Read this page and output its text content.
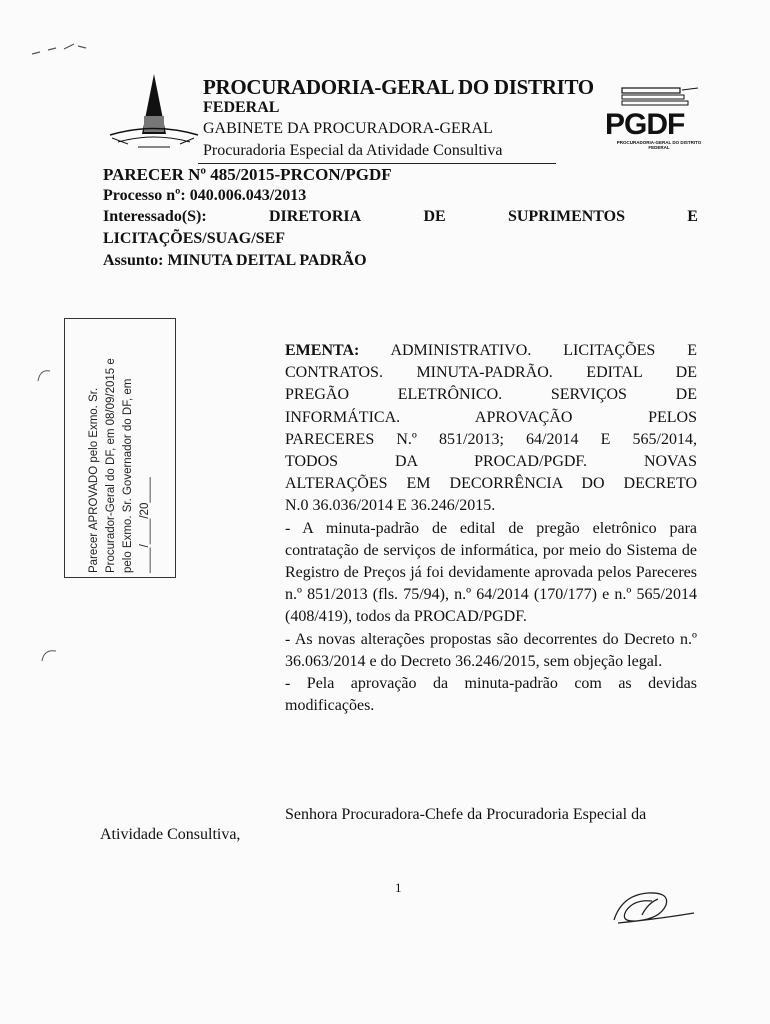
PROCURADORIA-GERAL DO DISTRITO
FEDERAL
GABINETE DA PROCURADORA-GERAL
Procuradoria Especial da Atividade Consultiva
PGDF
PROCURADORIA-GERAL DO DISTRITO FEDERAL
PARECER Nº 485/2015-PRCON/PGDF
Processo nº: 040.006.043/2013
Interessado(S):	DIRETORIA	DE	SUPRIMENTOS	E
LICITAÇÕES/SUAG/SEF
Assunto: MINUTA DEITAL PADRÃO
Parecer APROVADO pelo Exmo. Sr. Procurador-Geral do DF, em 08/09/2015 e pelo Exmo. Sr. Governador do DF, em ____/____/20____

EMENTA: ADMINISTRATIVO. LICITAÇÕES E

CONTRATOS. MINUTA-PADRÃO. EDITAL DE

PREGÃO ELETRÔNICO. SERVIÇOS DE

INFORMÁTICA. APROVAÇÃO PELOS

PARECERES N.º 851/2013; 64/2014 E 565/2014,

TODOS DA PROCAD/PGDF. NOVAS

ALTERAÇÕES EM DECORRÊNCIA DO DECRETO

N.0 36.036/2014 E 36.246/2015.

- A minuta-padrão de edital de pregão eletrônico para contratação de serviços de informática, por meio do Sistema de Registro de Preços já foi devidamente aprovada pelos Pareceres n.º 851/2013 (fls. 75/94), n.º 64/2014 (170/177) e n.º 565/2014 (408/419), todos da PROCAD/PGDF.

- As novas alterações propostas são decorrentes do Decreto n.º 36.063/2014 e do Decreto 36.246/2015, sem objeção legal.

- Pela aprovação da minuta-padrão com as devidas modificações.

Senhora Procuradora-Chefe da Procuradoria Especial da
Atividade Consultiva,
1
